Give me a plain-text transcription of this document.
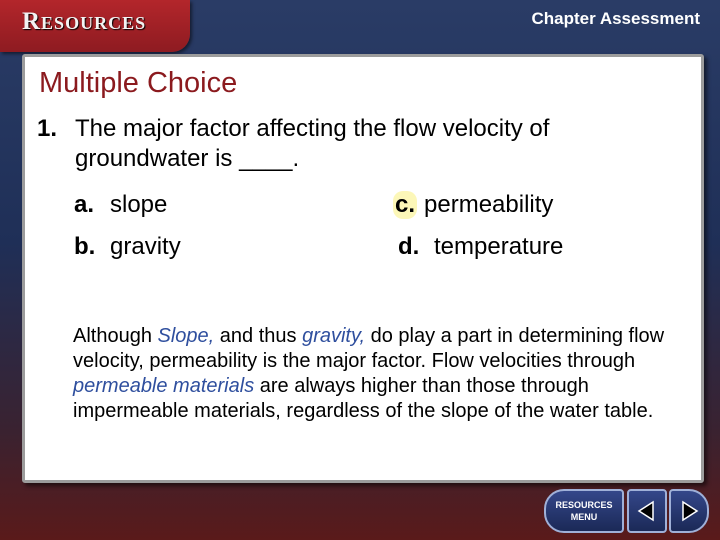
Resources	Chapter Assessment
Multiple Choice
1. The major factor affecting the flow velocity of groundwater is ____.
a. slope
b. gravity
c. permeability
d. temperature
Although Slope, and thus gravity, do play a part in determining flow velocity, permeability is the major factor. Flow velocities through permeable materials are always higher than those through impermeable materials, regardless of the slope of the water table.
RESOURCES
MENU
